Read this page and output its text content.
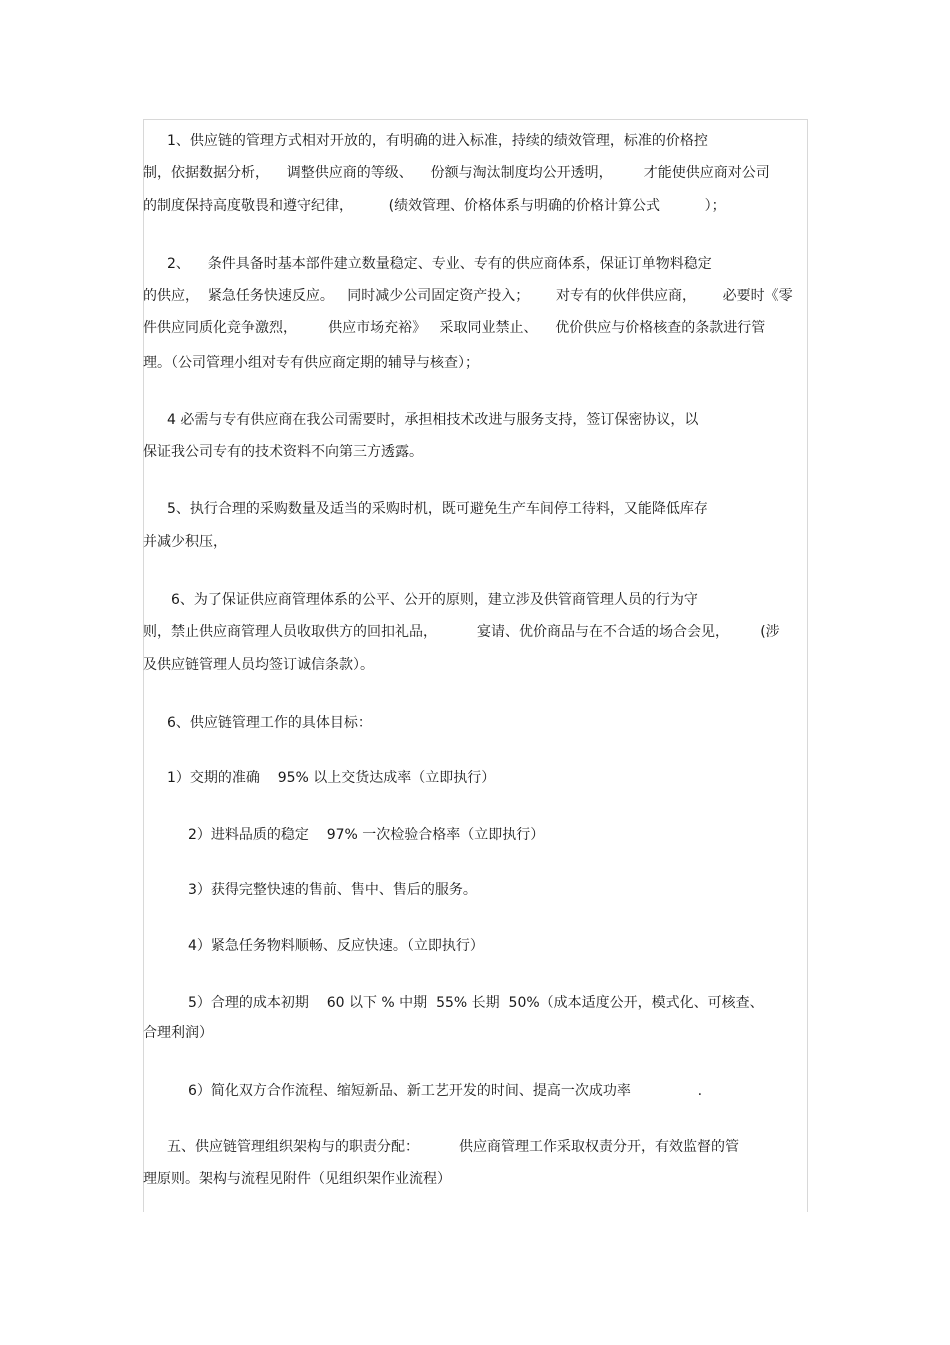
1、供应链的管理方式相对开放的，有明确的进入标准，持续的绩效管理，标准的价格控

制，依据数据分析，    调整供应商的等级、    份额与淘汰制度均公开透明，       才能使供应商对公司

的制度保持高度敬畏和遵守纪律，        (绩效管理、价格体系与明确的价格计算公式          ）；

2、    条件具备时基本部件建立数量稳定、专业、专有的供应商体系，保证订单物料稳定

的供应，  紧急任务快速反应。   同时减少公司固定资产投入；      对专有的伙伴供应商，      必要时《零

件供应同质化竞争激烈，       供应市场充裕》   采取同业禁止、    优价供应与价格核查的条款进行管

理。（公司管理小组对专有供应商定期的辅导与核查）；

4 必需与专有供应商在我公司需要时，承担相技术改进与服务支持，签订保密协议，以

保证我公司专有的技术资料不向第三方透露。

5、执行合理的采购数量及适当的采购时机，既可避免生产车间停工待料，又能降低库存

并减少积压，

6、为了保证供应商管理体系的公平、公开的原则，建立涉及供管商管理人员的行为守

则，禁止供应商管理人员收取供方的回扣礼品，         宴请、优价商品与在不合适的场合会见，       (涉

及供应链管理人员均签订诚信条款）。

6、供应链管理工作的具体目标：

1）交期的准确    95% 以上交货达成率（立即执行）

2）进料品质的稳定    97% 一次检验合格率（立即执行）

3）获得完整快速的售前、售中、售后的服务。

4）紧急任务物料顺畅、反应快速。（立即执行）

5）合理的成本初期    60 以下 % 中期  55% 长期  50%（成本适度公开，模式化、可核查、

合理利润）

6）简化双方合作流程、缩短新品、新工艺开发的时间、提高一次成功率               .

五、供应链管理组织架构与的职责分配：         供应商管理工作采取权责分开，有效监督的管

理原则。架构与流程见附件（见组织架作业流程）
